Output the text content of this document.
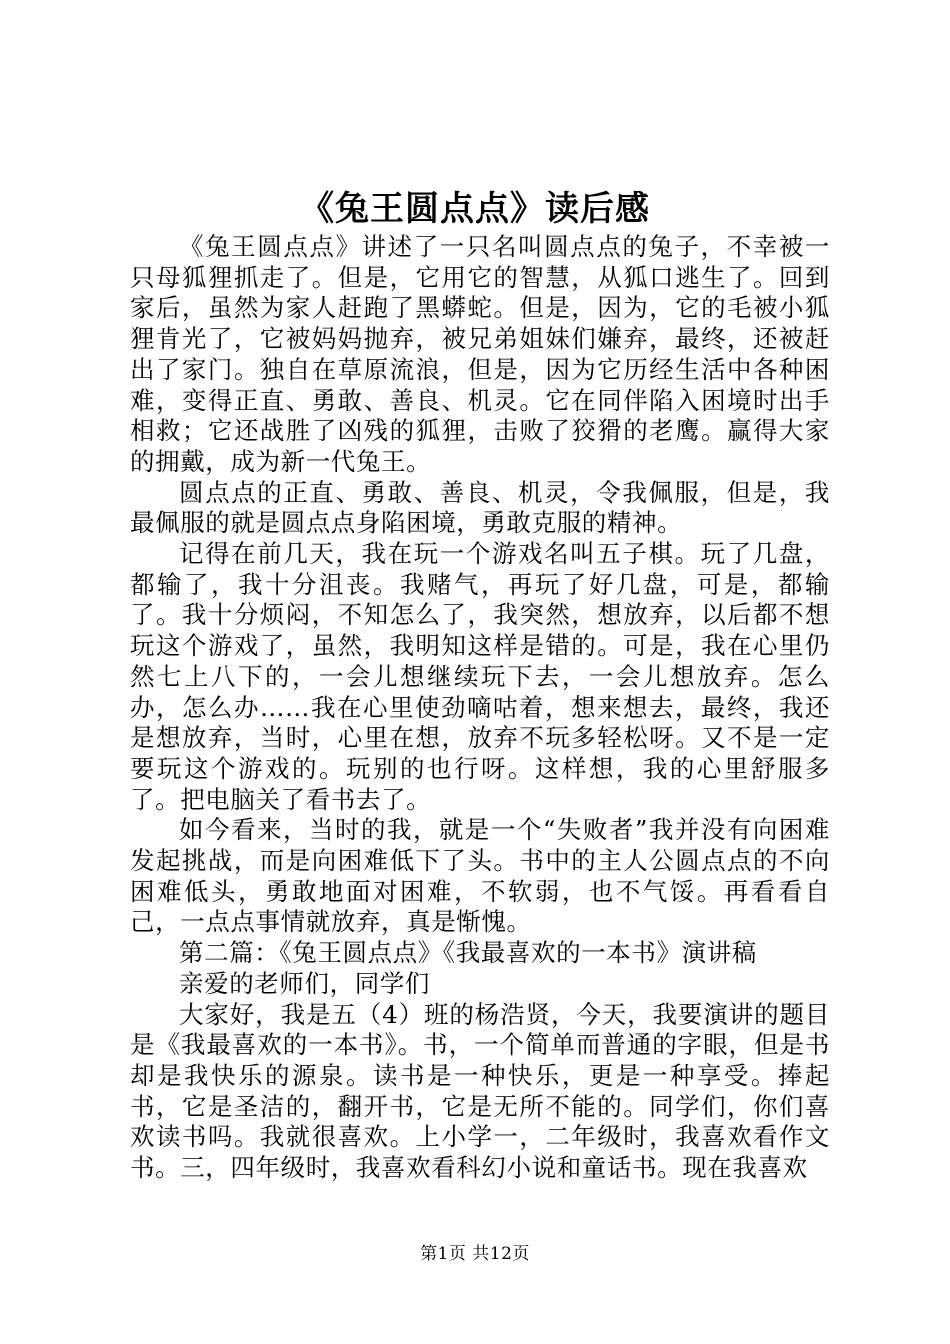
《兔王圆点点》读后感

《兔王圆点点》讲述了一只名叫圆点点的兔子，不幸被一只母狐狸抓走了。但是，它用它的智慧，从狐口逃生了。回到家后，虽然为家人赶跑了黑蟒蛇。但是，因为，它的毛被小狐狸肯光了，它被妈妈抛弃，被兄弟姐妹们嫌弃，最终，还被赶出了家门。独自在草原流浪，但是，因为它历经生活中各种困难，变得正直、勇敢、善良、机灵。它在同伴陷入困境时出手相救；它还战胜了凶残的狐狸，击败了狡猾的老鹰。赢得大家的拥戴，成为新一代兔王。

圆点点的正直、勇敢、善良、机灵，令我佩服，但是，我最佩服的就是圆点点身陷困境，勇敢克服的精神。

记得在前几天，我在玩一个游戏名叫五子棋。玩了几盘，都输了，我十分沮丧。我赌气，再玩了好几盘，可是，都输了。我十分烦闷，不知怎么了，我突然，想放弃，以后都不想玩这个游戏了，虽然，我明知这样是错的。可是，我在心里仍然七上八下的，一会儿想继续玩下去，一会儿想放弃。怎么办，怎么办……我在心里使劲嘀咕着，想来想去，最终，我还是想放弃，当时，心里在想，放弃不玩多轻松呀。又不是一定要玩这个游戏的。玩别的也行呀。这样想，我的心里舒服多了。把电脑关了看书去了。

如今看来，当时的我，就是一个“失败者”我并没有向困难发起挑战，而是向困难低下了头。书中的主人公圆点点的不向困难低头，勇敢地面对困难，不软弱，也不气馁。再看看自己，一点点事情就放弃，真是惭愧。

第二篇：《兔王圆点点》《我最喜欢的一本书》演讲稿

亲爱的老师们，同学们

大家好，我是五（4）班的杨浩贤，今天，我要演讲的题目是《我最喜欢的一本书》。书，一个简单而普通的字眼，但是书却是我快乐的源泉。读书是一种快乐，更是一种享受。捧起书，它是圣洁的，翻开书，它是无所不能的。同学们，你们喜欢读书吗。我就很喜欢。上小学一，二年级时，我喜欢看作文书。三，四年级时，我喜欢看科幻小说和童话书。现在我喜欢

第1页 共12页
